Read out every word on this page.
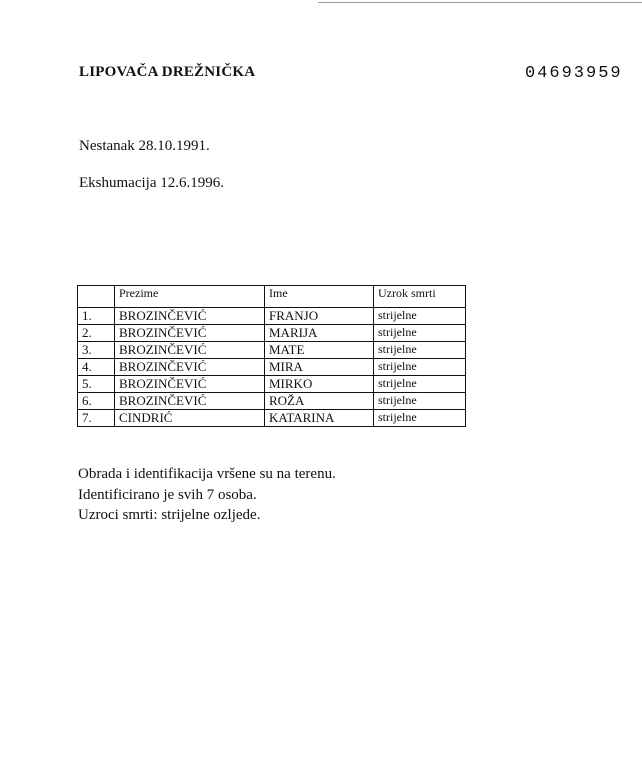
LIPOVAČA DREŽNIČKA	04693959
Nestanak 28.10.1991.
Ekshumacija 12.6.1996.
	Prezime	Ime	Uzrok smrti
1.	BROZINČEVIĆ	FRANJO	strijelne
2.	BROZINČEVIĆ	MARIJA	strijelne
3.	BROZINČEVIĆ	MATE	strijelne
4.	BROZINČEVIĆ	MIRA	strijelne
5.	BROZINČEVIĆ	MIRKO	strijelne
6.	BROZINČEVIĆ	ROŽA	strijelne
7.	CINDRIĆ	KATARINA	strijelne
Obrada i identifikacija vršene su na terenu.
Identificirano je svih 7 osoba.
Uzroci smrti: strijelne ozljede.
